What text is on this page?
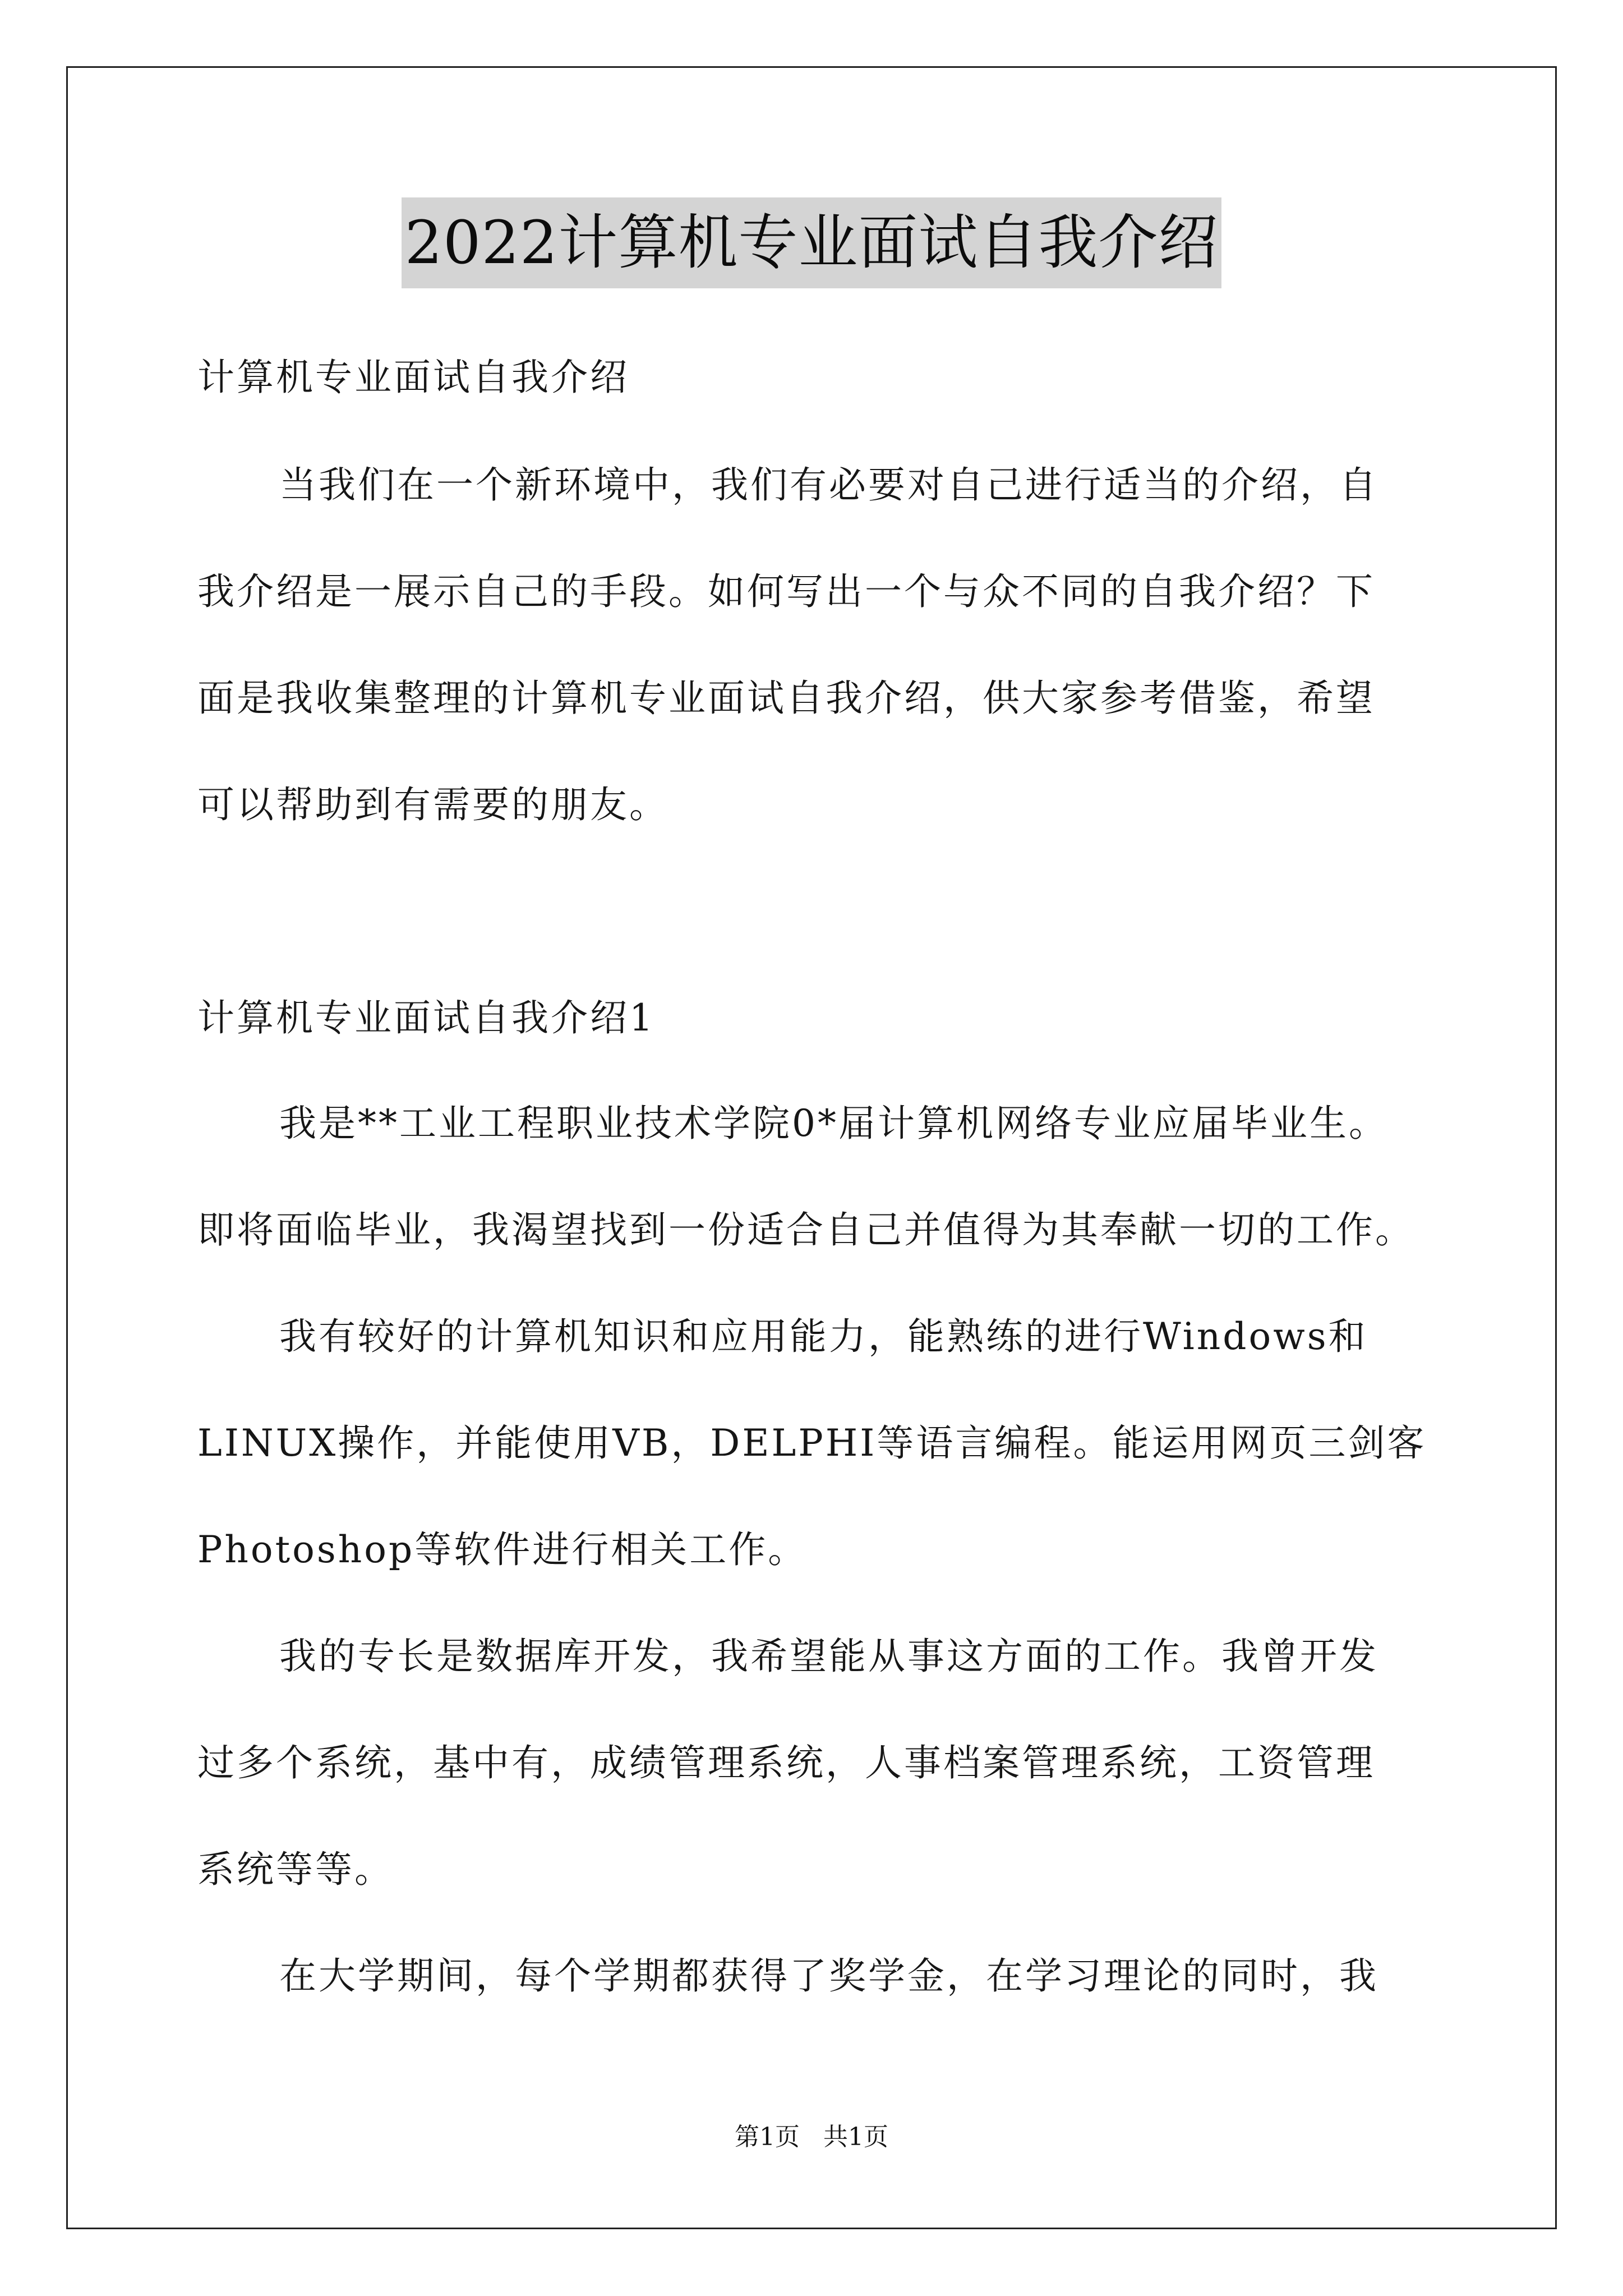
2022计算机专业面试自我介绍
计算机专业面试自我介绍
当我们在一个新环境中，我们有必要对自己进行适当的介绍，自
我介绍是一展示自己的手段。如何写出一个与众不同的自我介绍？下
面是我收集整理的计算机专业面试自我介绍，供大家参考借鉴，希望
可以帮助到有需要的朋友。
计算机专业面试自我介绍1
我是**工业工程职业技术学院0*届计算机网络专业应届毕业生。
即将面临毕业，我渴望找到一份适合自己并值得为其奉献一切的工作。
我有较好的计算机知识和应用能力，能熟练的进行Windows和
LINUX操作，并能使用VB，DELPHI等语言编程。能运用网页三剑客
Photoshop等软件进行相关工作。
我的专长是数据库开发，我希望能从事这方面的工作。我曾开发
过多个系统，基中有，成绩管理系统，人事档案管理系统，工资管理
系统等等。
在大学期间，每个学期都获得了奖学金，在学习理论的同时，我
第1页 共1页
